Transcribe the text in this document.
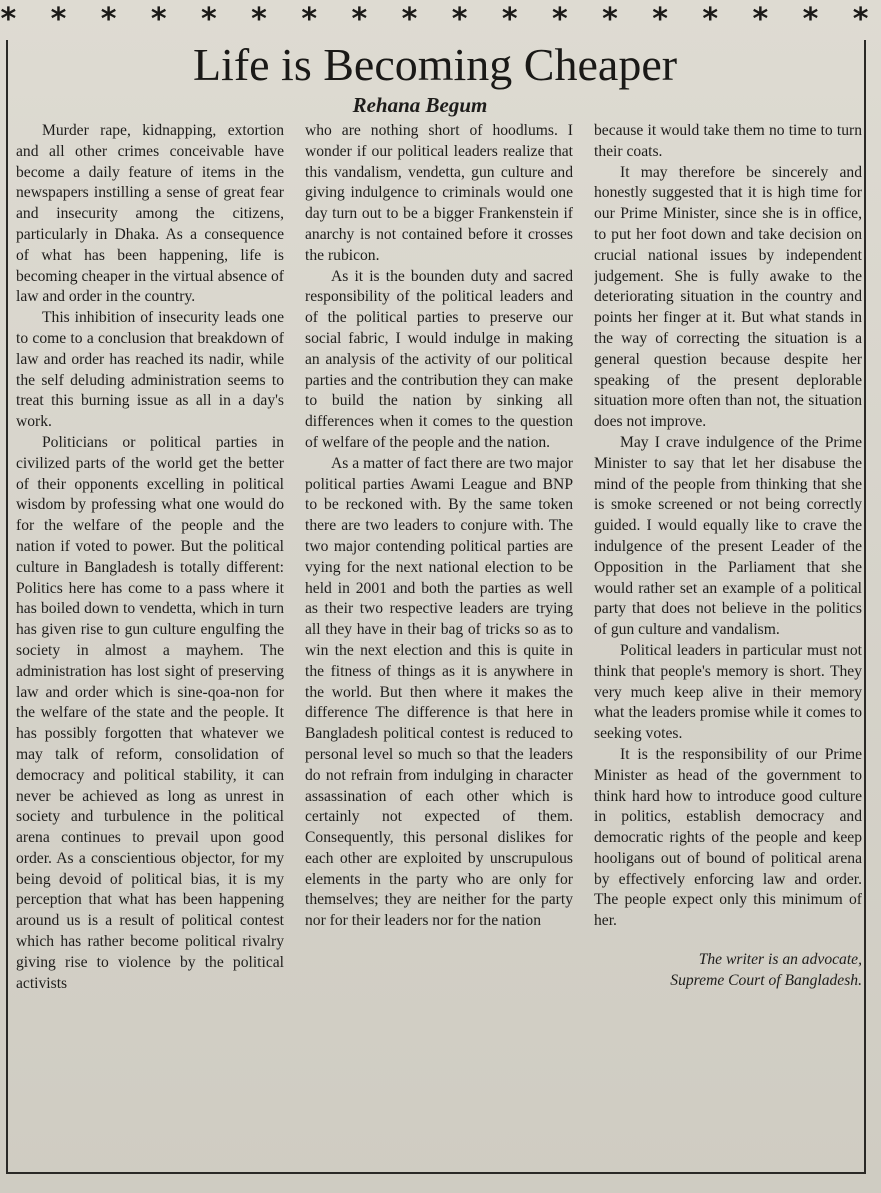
* * * * * * * * * * * * * * * * * *
Life is Becoming Cheaper
Rehana Begum

Murder rape, kidnapping, extortion and all other crimes conceivable have become a daily feature of items in the newspapers instilling a sense of great fear and insecurity among the citizens, particularly in Dhaka. As a consequence of what has been happening, life is becoming cheaper in the virtual absence of law and order in the country.

This inhibition of insecurity leads one to come to a conclusion that breakdown of law and order has reached its nadir, while the self deluding administration seems to treat this burning issue as all in a day's work.

Politicians or political parties in civilized parts of the world get the better of their opponents excelling in political wisdom by professing what one would do for the welfare of the people and the nation if voted to power. But the political culture in Bangladesh is totally different: Politics here has come to a pass where it has boiled down to vendetta, which in turn has given rise to gun culture engulfing the society in almost a mayhem. The administration has lost sight of preserving law and order which is sine-qoa-non for the welfare of the state and the people. It has possibly forgotten that whatever we may talk of reform, consolidation of democracy and political stability, it can never be achieved as long as unrest in society and turbulence in the political arena continues to prevail upon good order. As a conscientious objector, for my being devoid of political bias, it is my perception that what has been happening around us is a result of political contest which has rather become political rivalry giving rise to violence by the political activists

who are nothing short of hoodlums. I wonder if our political leaders realize that this vandalism, vendetta, gun culture and giving indulgence to criminals would one day turn out to be a bigger Frankenstein if anarchy is not contained before it crosses the rubicon.

As it is the bounden duty and sacred responsibility of the political leaders and of the political parties to preserve our social fabric, I would indulge in making an analysis of the activity of our political parties and the contribution they can make to build the nation by sinking all differences when it comes to the question of welfare of the people and the nation.

As a matter of fact there are two major political parties Awami League and BNP to be reckoned with. By the same token there are two leaders to conjure with. The two major contending political parties are vying for the next national election to be held in 2001 and both the parties as well as their two respective leaders are trying all they have in their bag of tricks so as to win the next election and this is quite in the fitness of things as it is anywhere in the world. But then where it makes the difference The difference is that here in Bangladesh political contest is reduced to personal level so much so that the leaders do not refrain from indulging in character assassination of each other which is certainly not expected of them. Consequently, this personal dislikes for each other are exploited by unscrupulous elements in the party who are only for themselves; they are neither for the party nor for their leaders nor for the nation

because it would take them no time to turn their coats.

It may therefore be sincerely and honestly suggested that it is high time for our Prime Minister, since she is in office, to put her foot down and take decision on crucial national issues by independent judgement. She is fully awake to the deteriorating situation in the country and points her finger at it. But what stands in the way of correcting the situation is a general question because despite her speaking of the present deplorable situation more often than not, the situation does not improve.

May I crave indulgence of the Prime Minister to say that let her disabuse the mind of the people from thinking that she is smoke screened or not being correctly guided. I would equally like to crave the indulgence of the present Leader of the Opposition in the Parliament that she would rather set an example of a political party that does not believe in the politics of gun culture and vandalism.

Political leaders in particular must not think that people's memory is short. They very much keep alive in their memory what the leaders promise while it comes to seeking votes.

It is the responsibility of our Prime Minister as head of the government to think hard how to introduce good culture in politics, establish democracy and democratic rights of the people and keep hooligans out of bound of political arena by effectively enforcing law and order. The people expect only this minimum of her.

The writer is an advocate,
Supreme Court of Bangladesh.
